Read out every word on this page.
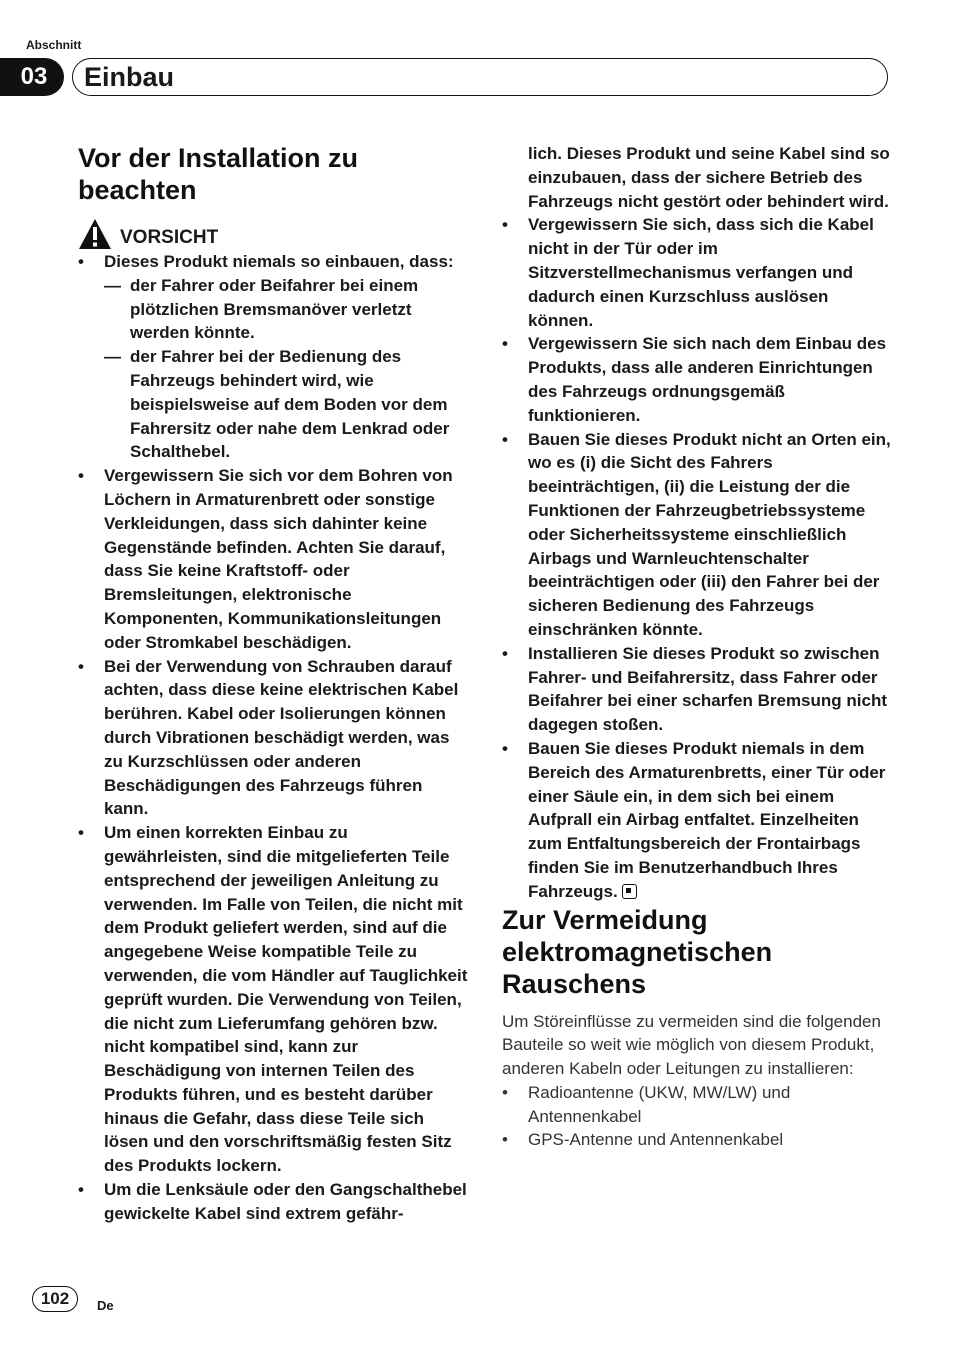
Abschnitt
03	Einbau
Vor der Installation zu beachten
VORSICHT
• Dieses Produkt niemals so einbauen, dass:
— der Fahrer oder Beifahrer bei einem plötzlichen Bremsmanöver verletzt werden könnte.
— der Fahrer bei der Bedienung des Fahrzeugs behindert wird, wie beispielsweise auf dem Boden vor dem Fahrersitz oder nahe dem Lenkrad oder Schalthebel.
• Vergewissern Sie sich vor dem Bohren von Löchern in Armaturenbrett oder sonstige Verkleidungen, dass sich dahinter keine Gegenstände befinden. Achten Sie darauf, dass Sie keine Kraftstoff- oder Bremsleitungen, elektronische Komponenten, Kommunikationsleitungen oder Stromkabel beschädigen.
• Bei der Verwendung von Schrauben darauf achten, dass diese keine elektrischen Kabel berühren. Kabel oder Isolierungen können durch Vibrationen beschädigt werden, was zu Kurzschlüssen oder anderen Beschädigungen des Fahrzeugs führen kann.
• Um einen korrekten Einbau zu gewährleisten, sind die mitgelieferten Teile entsprechend der jeweiligen Anleitung zu verwenden. Im Falle von Teilen, die nicht mit dem Produkt geliefert werden, sind auf die angegebene Weise kompatible Teile zu verwenden, die vom Händler auf Tauglichkeit geprüft wurden. Die Verwendung von Teilen, die nicht zum Lieferumfang gehören bzw. nicht kompatibel sind, kann zur Beschädigung von internen Teilen des Produkts führen, und es besteht darüber hinaus die Gefahr, dass diese Teile sich lösen und den vorschriftsmäßig festen Sitz des Produkts lockern.
• Um die Lenksäule oder den Gangschalthebel gewickelte Kabel sind extrem gefähr-
lich. Dieses Produkt und seine Kabel sind so einzubauen, dass der sichere Betrieb des Fahrzeugs nicht gestört oder behindert wird.
• Vergewissern Sie sich, dass sich die Kabel nicht in der Tür oder im Sitzverstellmechanismus verfangen und dadurch einen Kurzschluss auslösen können.
• Vergewissern Sie sich nach dem Einbau des Produkts, dass alle anderen Einrichtungen des Fahrzeugs ordnungsgemäß funktionieren.
• Bauen Sie dieses Produkt nicht an Orten ein, wo es (i) die Sicht des Fahrers beeinträchtigen, (ii) die Leistung der die Funktionen der Fahrzeugbetriebssysteme oder Sicherheitssysteme einschließlich Airbags und Warnleuchtenschalter beeinträchtigen oder (iii) den Fahrer bei der sicheren Bedienung des Fahrzeugs einschränken könnte.
• Installieren Sie dieses Produkt so zwischen Fahrer- und Beifahrersitz, dass Fahrer oder Beifahrer bei einer scharfen Bremsung nicht dagegen stoßen.
• Bauen Sie dieses Produkt niemals in dem Bereich des Armaturenbretts, einer Tür oder einer Säule ein, in dem sich bei einem Aufprall ein Airbag entfaltet. Einzelheiten zum Entfaltungsbereich der Frontairbags finden Sie im Benutzerhandbuch Ihres Fahrzeugs.
Zur Vermeidung elektromagnetischen Rauschens
Um Störeinflüsse zu vermeiden sind die folgenden Bauteile so weit wie möglich von diesem Produkt, anderen Kabeln oder Leitungen zu installieren:
• Radioantenne (UKW, MW/LW) und Antennenkabel
• GPS-Antenne und Antennenkabel
102	De
